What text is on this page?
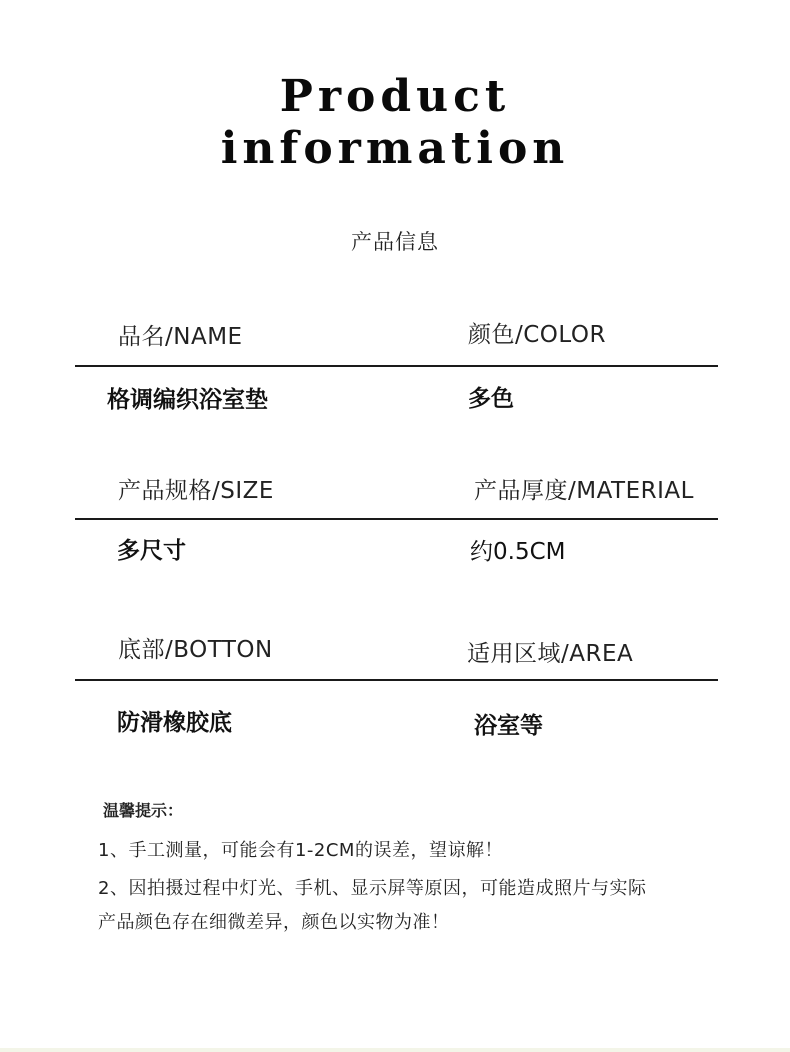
Product
information
产品信息
品名/NAME	颜色/COLOR
格调编织浴室垫	多色
产品规格/SIZE	产品厚度/MATERIAL
多尺寸	约0.5CM
底部/BOTTON	适用区域/AREA
防滑橡胶底	浴室等
温馨提示：
1、手工测量，可能会有1-2CM的误差，望谅解！
2、因拍摄过程中灯光、手机、显示屏等原因，可能造成照片与实际
产品颜色存在细微差异，颜色以实物为准！
